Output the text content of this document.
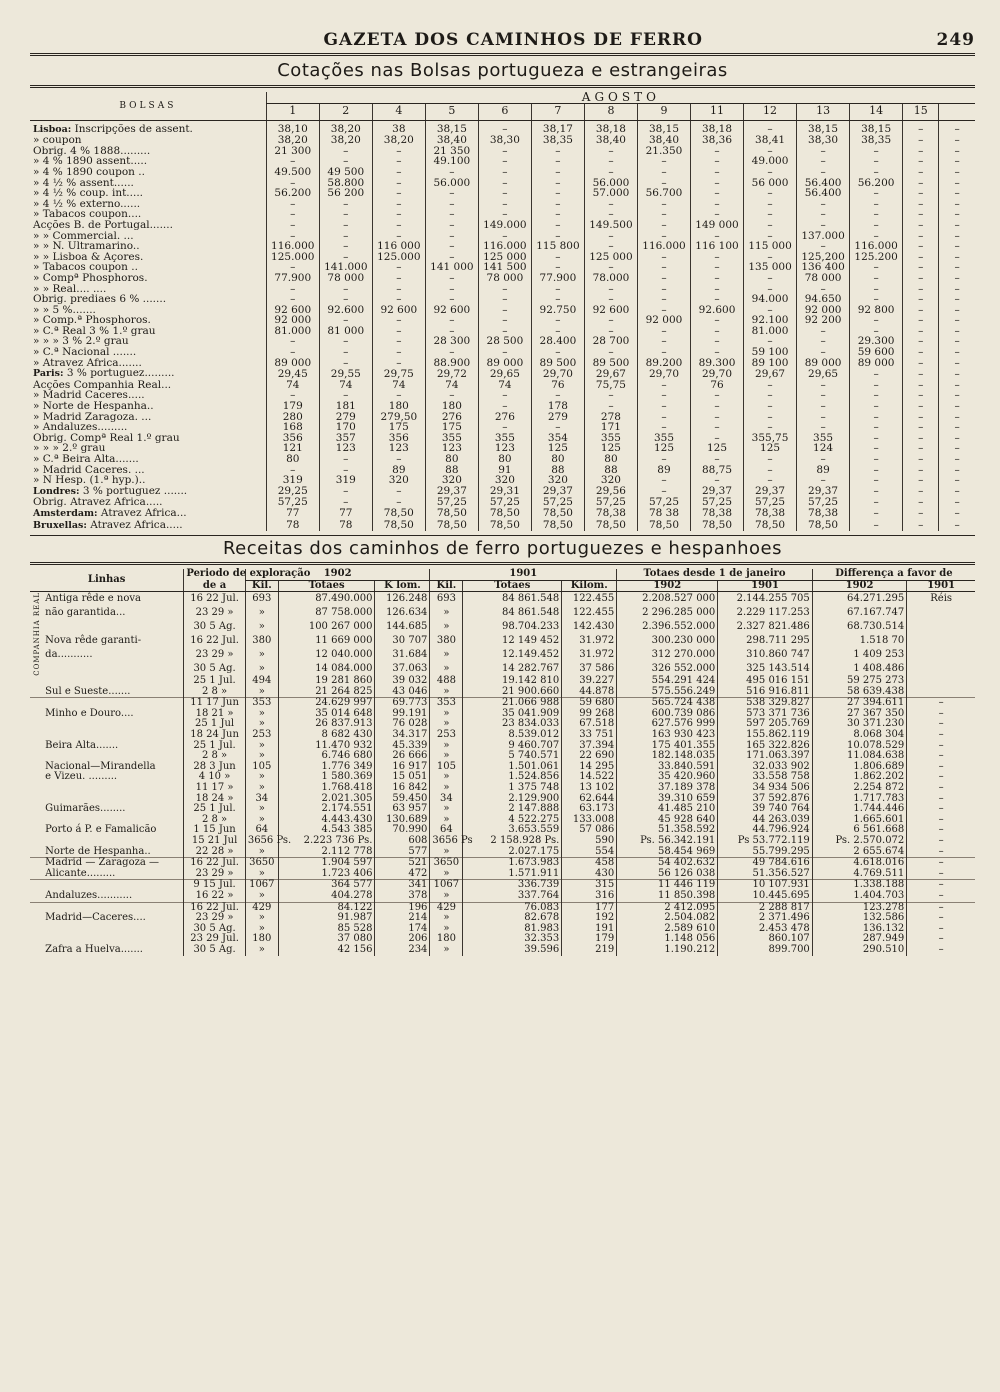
GAZETA DOS CAMINHOS DE FERRO	249
Cotações nas Bolsas portugueza e estrangeiras
BOLSAS	AGOSTO													
	1	2	4	5	6	7	8	9	11	12	13	14	15	
Lisboa: Inscripções de assent.	38,10	38,20	38	38,15	–	38,17	38,18	38,15	38,18	–	38,15	38,15	–	–
» coupon	38,20	38,20	38,20	38,40	38,30	38,35	38,40	38,40	38,36	38,41	38,30	38,35	–	–
Obrig. 4 % 1888.........	21 300	–	–	21 350	–	–	–	21.350	–	–	–	–	–	–
» 4 % 1890 assent.....	–	–	–	49.100	–	–	–	–	–	49.000	–	–	–	–
» 4 % 1890 coupon ..	49.500	49 500	–	–	–	–	–	–	–	–	–	–	–	–
» 4 ½ % assent......	–	58.800	–	56.000	–	–	56.000	–	–	56 000	56.400	56.200	–	–
» 4 ½ % coup. int.....	56.200	56 200	–	–	–	–	57.000	56.700	–	–	56.400	–	–	–
» 4 ½ % externo......	–	–	–	–	–	–	–	–	–	–	–	–	–	–
» Tabacos coupon....	–	–	–	–	–	–	–	–	–	–	–	–	–	–
Acções B. de Portugal.......	–	–	–	–	149.000	–	149.500	–	149 000	–	–	–	–	–
» » Commercial. ...	–	–	–	–	–	–	–	–	–	–	137.000	–	–	–
» » N. Ultramarino..	116.000	–	116 000	–	116.000	115 800	–	116.000	116 100	115 000	–	116.000	–	–
» » Lisboa & Açores.	125.000	–	125.000	–	125 000	–	125 000	–	–	–	125,200	125.200	–	–
» Tabacos coupon ..	–	141.000	–	141 000	141 500	–	–	–	–	135 000	136 400	–	–	–
» Compª Phosphoros.	77.900	78 000	–	–	78 000	77.900	78.000	–	–	–	78 000	–	–	–
» » Real.... ....	–	–	–	–	–	–	–	–	–	–	–	–	–	–
Obrig. prediaes 6 % .......	–	–	–	–	–	–	–	–	–	94.000	94.650	–	–	–
» » 5 %.......	92 600	92.600	92 600	92 600	–	92.750	92 600	–	92.600	–	92 000	92 800	–	–
» Comp.ª Phosphoros.	92 000	–	–	–	–	–	–	92 000	–	92.100	92 200	–	–	–
» C.ª Real 3 % 1.º grau	81.000	81 000	–	–	–	–	–	–	–	81.000	–	–	–	–
» » » 3 % 2.º grau	–	–	–	28 300	28 500	28.400	28 700	–	–	–	–	29.300	–	–
» C.ª Nacional .......	–	–	–	–	–	–	–	–	–	59 100	–	59 600	–	–
» Atravez Africa.......	89 000	–	–	88.900	89 000	89 500	89 500	89.200	89.300	89 100	89 000	89 000	–	–
Paris: 3 % portuguez.........	29,45	29,55	29,75	29,72	29,65	29,70	29,67	29,70	29,70	29,67	29,65	–	–	–
Acções Companhia Real...	74	74	74	74	74	76	75,75	–	76	–	–	–	–	–
» Madrid Caceres.....	–	–	–	–	–	–	–	–	–	–	–	–	–	–
» Norte de Hespanha..	179	181	180	180	–	178	–	–	–	–	–	–	–	–
» Madrid Zaragoza. ...	280	279	279,50	276	276	279	278	–	–	–	–	–	–	–
» Andaluzes.........	168	170	175	175	–	–	171	–	–	–	–	–	–	–
Obrig. Compª Real 1.º grau	356	357	356	355	355	354	355	355	–	355,75	355	–	–	–
» » » 2.º grau	121	123	123	123	123	125	125	125	125	125	124	–	–	–
» C.ª Beira Alta.......	80	–	–	80	80	80	80	–	–	–	–	–	–	–
» Madrid Caceres. ...	–	–	89	88	91	88	88	89	88,75	–	89	–	–	–
» N Hesp. (1.ª hyp.)..	319	319	320	320	320	320	320	–	–	–	–	–	–	–
Londres: 3 % portuguez .......	29,25	–	–	29,37	29,31	29,37	29,56	–	29,37	29,37	29,37	–	–	–
Obrig. Atravez Africa.....	57,25	–	–	57,25	57,25	57,25	57,25	57,25	57,25	57,25	57,25	–	–	–
Amsterdam: Atravez Africa...	77	77	78,50	78,50	78,50	78,50	78,38	78 38	78,38	78,38	78,38	–	–	–
Bruxellas: Atravez Africa.....	78	78	78,50	78,50	78,50	78,50	78,50	78,50	78,50	78,50	78,50	–	–	–
Receitas dos caminhos de ferro portuguezes e hespanhoes
Linhas		Periodo de exploração	1902			1901			Totaes desde 1 de janeiro		Differença a favor de	
		de a	Kil.	Totaes	K lom.	Kil.	Totaes	Kilom.	1902	1901	1902	1901

COMPANHIA REAL	Antiga rêde e nova	16 22 Jul.	693	87.490.000	126.248	693	84 861.548	122.455	2.208.527 000	2.144.255 705	64.271.295	Réis
	não garantida...	23 29 »	»	87 758.000	126.634	»	84 861.548	122.455	2 296.285 000	2.229 117.253	67.167.747	
		30 5 Ag.	»	100 267 000	144.685	»	98.704.233	142.430	2.396.552.000	2.327 821.486	68.730.514	
	Nova rêde garanti-	16 22 Jul.	380	11 669 000	30 707	380	12 149 452	31.972	300.230 000	298.711 295	1.518 70	
	da...........	23 29 »	»	12 040.000	31.684	»	12.149.452	31.972	312 270.000	310.860 747	1 409 253	
		30 5 Ag.	»	14 084.000	37.063	»	14 282.767	37 586	326 552.000	325 143.514	1 408.486	
		25 1 Jul.	494	19 281 860	39 032	488	19.142 810	39.227	554.291 424	495 016 151	59 275 273	
	Sul e Sueste.......	2 8 »	»	21 264 825	43 046	»	21 900.660	44.878	575.556.249	516 916.811	58 639.438	
		11 17 Jun	353	24.629 997	69.773	353	21.066 988	59 680	565.724 438	538 329.827	27 394.611	–
	Minho e Douro....	18 21 »	»	35 014 648	99.191	»	35 041.909	99 268	600.739 086	573 371 736	27 367 350	–
		25 1 Jul	»	26 837.913	76 028	»	23 834.033	67.518	627.576 999	597 205.769	30 371.230	–
		18 24 Jun	253	8 682 430	34.317	253	8.539.012	33 751	163 930 423	155.862.119	8.068 304	–
	Beira Alta.......	25 1 Jul.	»	11.470 932	45.339	»	9 460.707	37.394	175 401.355	165 322.826	10.078.529	–
		2 8 »	»	6.746 680	26 666	»	5 740.571	22 690	182.148.035	171.063.397	11.084.638	–
	Nacional—Mirandella	28 3 Jun	105	1.776 349	16 917	105	1.501.061	14 295	33.840.591	32.033 902	1.806.689	–
	e Vizeu. .........	4 10 »	»	1 580.369	15 051	»	1.524.856	14.522	35 420.960	33.558 758	1.862.202	–
		11 17 »	»	1.768.418	16 842	»	1 375 748	13 102	37.189 378	34 934 506	2.254 872	–
		18 24 »	34	2.021.305	59.450	34	2.129.900	62.644	39.310 659	37 592.876	1.717.783	–
	Guimarães........	25 1 Jul.	»	2.174.551	63 957	»	2 147.888	63.173	41.485 210	39 740 764	1.744.446	–
		2 8 »	»	4.443.430	130.689	»	4 522.275	133.008	45 928 640	44 263.039	1.665.601	–
	Porto á P. e Famalicão	1 15 Jun	64	4.543 385	70.990	64	3.653.559	57 086	51.358.592	44.796.924	6 561.668	–
		15 21 Jul	3656 Ps.	2.223 736 Ps.	608	3656 Ps	2 158.928 Ps.	590	Ps. 56.342.191	Ps 53.772.119	Ps. 2.570.072	–
	Norte de Hespanha..	22 28 »	»	2.112 778	577	»	2.027.175	554	58.454 969	55.799.295	2 655.674	–
	Madrid — Zaragoza —	16 22 Jul.	3650	1.904 597	521	3650	1.673.983	458	54 402.632	49 784.616	4.618.016	–
	Alicante.........	23 29 »	»	1.723 406	472	»	1.571.911	430	56 126 038	51.356.527	4.769.511	–
		9 15 Jul.	1067	364 577	341	1067	336.739	315	11 446 119	10 107.931	1.338.188	–
	Andaluzes...........	16 22 »	»	404.278	378	»	337.764	316	11 850.398	10.445.695	1.404.703	–
		16 22 Jul.	429	84.122	196	429	76.083	177	2 412.095	2 288 817	123.278	–
	Madrid—Caceres....	23 29 »	»	91.987	214	»	82.678	192	2.504.082	2 371.496	132.586	–
		30 5 Ag.	»	85 528	174	»	81.983	191	2.589 610	2.453 478	136.132	–
		23 29 Jul.	180	37 080	206	180	32.353	179	1.148 056	860.107	287.949	–
	Zafra a Huelva.......	30 5 Ag.	»	42 156	234	»	39.596	219	1.190.212	899.700	290.510	–
